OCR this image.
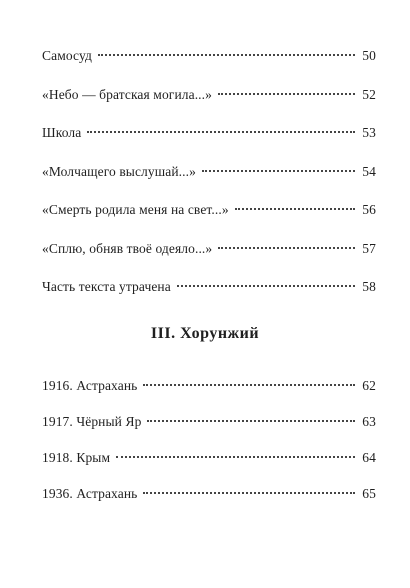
Самосуд	50
«Небо — братская могила...»	52
Школа	53
«Молчащего выслушай...»	54
«Смерть родила меня на свет...»	56
«Сплю, обняв твоё одеяло...»	57
Часть текста утрачена	58
III. Хорунжий
1916. Астрахань	62
1917. Чёрный Яр	63
1918. Крым	64
1936. Астрахань	65
